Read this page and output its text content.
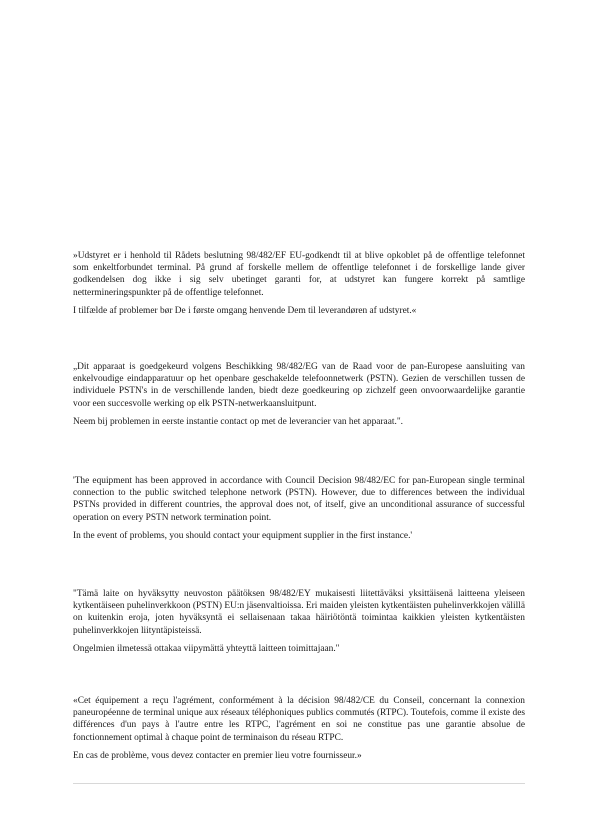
»Udstyret er i henhold til Rådets beslutning 98/482/EF EU-godkendt til at blive opkoblet på de offentlige telefonnet som enkeltforbundet terminal. På grund af forskelle mellem de offentlige telefonnet i de forskellige lande giver godkendelsen dog ikke i sig selv ubetinget garanti for, at udstyret kan fungere korrekt på samtlige nettermineringspunkter på de offentlige telefonnet.

I tilfælde af problemer bør De i første omgang henvende Dem til leverandøren af udstyret.«

„Dit apparaat is goedgekeurd volgens Beschikking 98/482/EG van de Raad voor de pan-Europese aansluiting van enkelvoudige eindapparatuur op het openbare geschakelde telefoonnetwerk (PSTN). Gezien de verschillen tussen de individuele PSTN's in de verschillende landen, biedt deze goedkeuring op zichzelf geen onvoorwaardelijke garantie voor een succesvolle werking op elk PSTN-netwerkaansluitpunt.

Neem bij problemen in eerste instantie contact op met de leverancier van het apparaat.".

'The equipment has been approved in accordance with Council Decision 98/482/EC for pan-European single terminal connection to the public switched telephone network (PSTN). However, due to differences between the individual PSTNs provided in different countries, the approval does not, of itself, give an unconditional assurance of successful operation on every PSTN network termination point.

In the event of problems, you should contact your equipment supplier in the first instance.'

"Tämä laite on hyväksytty neuvoston päätöksen 98/482/EY mukaisesti liitettäväksi yksittäisenä laitteena yleiseen kytkentäiseen puhelinverkkoon (PSTN) EU:n jäsenvaltioissa. Eri maiden yleisten kytkentäisten puhelinverkkojen välillä on kuitenkin eroja, joten hyväksyntä ei sellaisenaan takaa häiriötöntä toimintaa kaikkien yleisten kytkentäisten puhelinverkkojen liityntäpisteissä.

Ongelmien ilmetessä ottakaa viipymättä yhteyttä laitteen toimittajaan."

«Cet équipement a reçu l'agrément, conformément à la décision 98/482/CE du Conseil, concernant la connexion paneuropéenne de terminal unique aux réseaux téléphoniques publics commutés (RTPC). Toutefois, comme il existe des différences d'un pays à l'autre entre les RTPC, l'agrément en soi ne constitue pas une garantie absolue de fonctionnement optimal à chaque point de terminaison du réseau RTPC.

En cas de problème, vous devez contacter en premier lieu votre fournisseur.»
